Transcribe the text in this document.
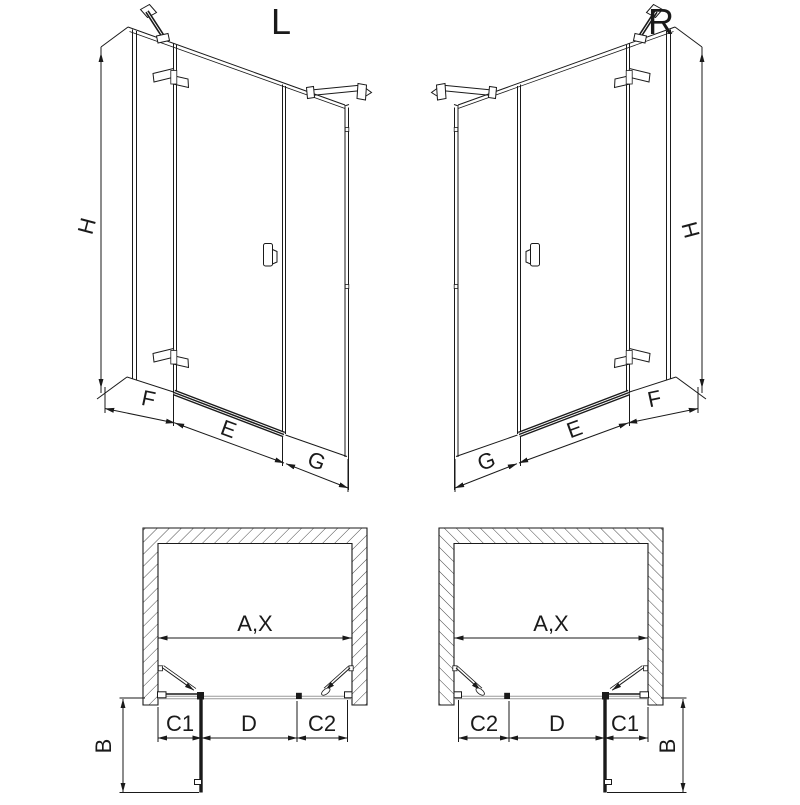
L	R
H	H
F
E
G
F
E
G
A,X	A,X
C1 D C2	C2 D C1
B	B
